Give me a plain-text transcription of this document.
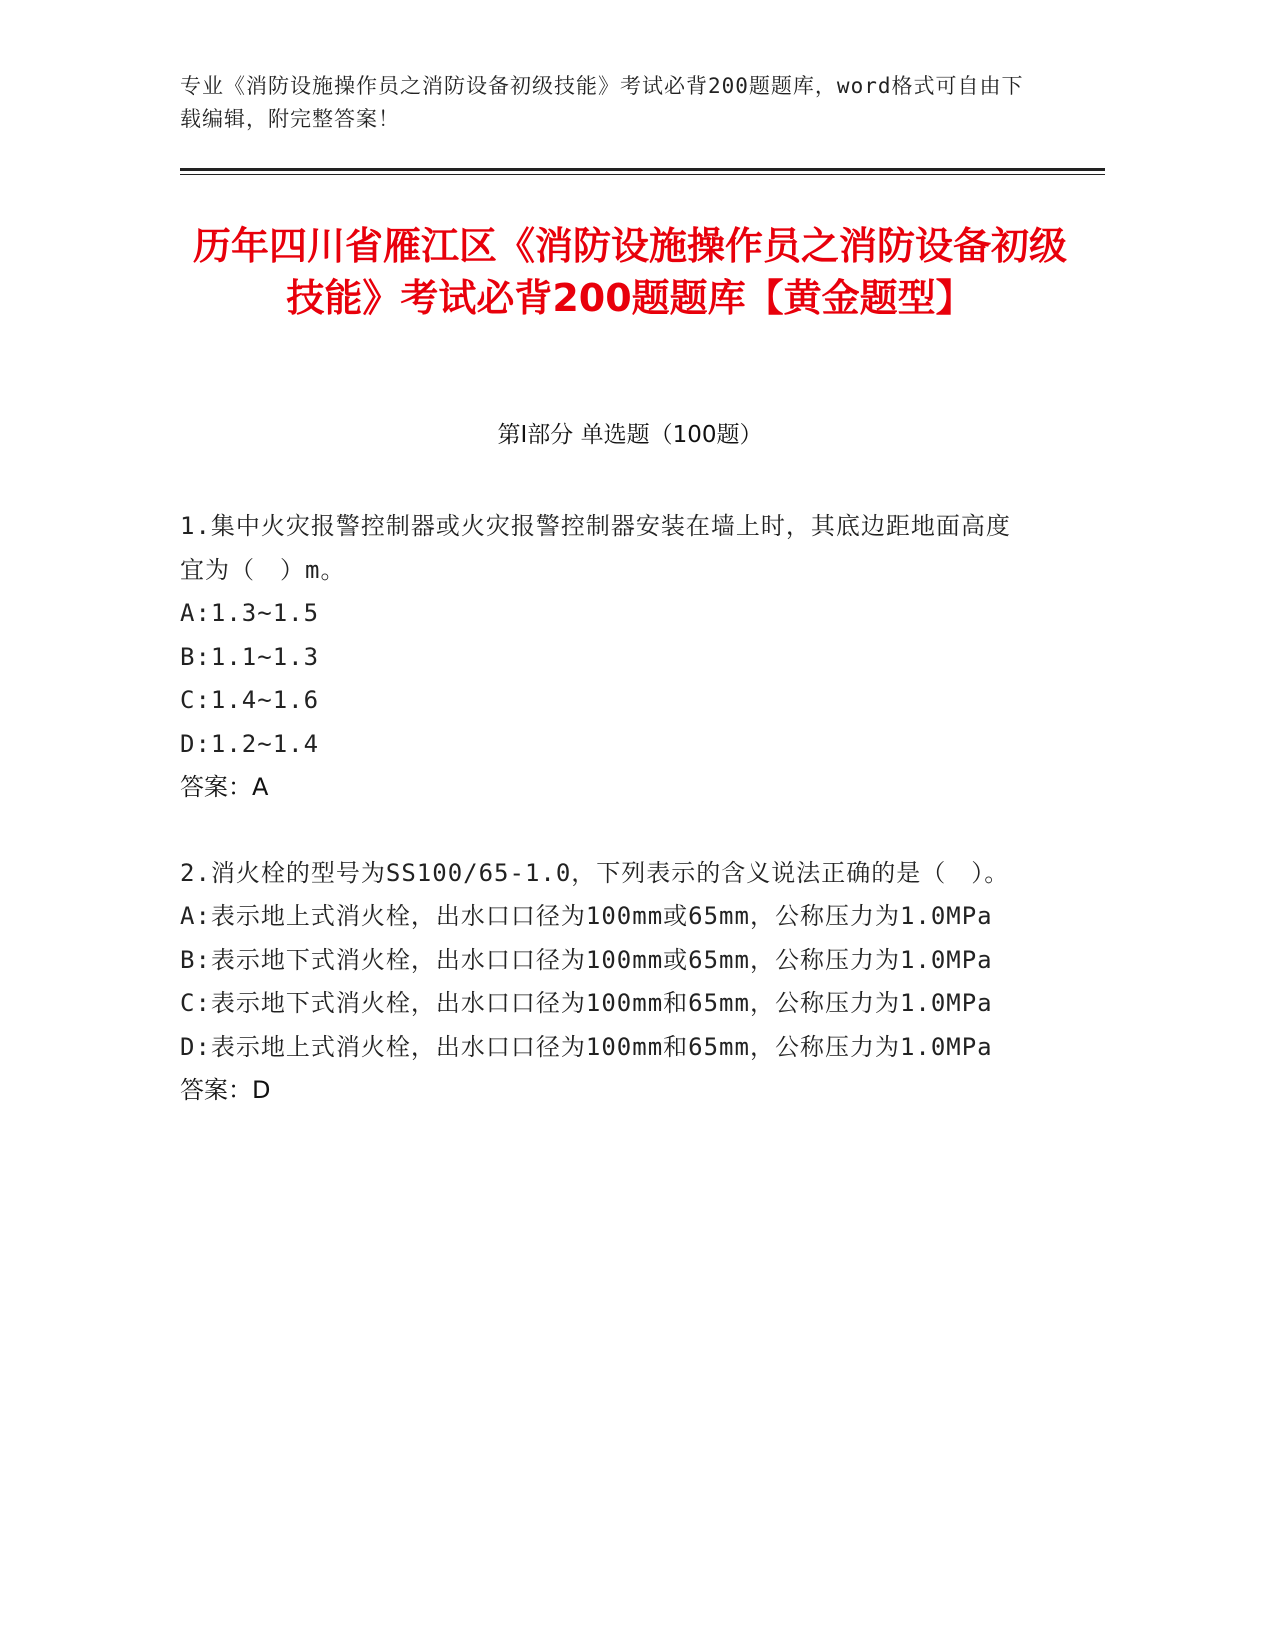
专业《消防设施操作员之消防设备初级技能》考试必背200题题库，word格式可自由下载编辑，附完整答案！
历年四川省雁江区《消防设施操作员之消防设备初级技能》考试必背200题题库【黄金题型】
第I部分 单选题（100题）
1.集中火灾报警控制器或火灾报警控制器安装在墙上时，其底边距地面高度宜为（　）m。
A:1.3~1.5
B:1.1~1.3
C:1.4~1.6
D:1.2~1.4
答案：A
2.消火栓的型号为SS100/65-1.0，下列表示的含义说法正确的是（　）。
A:表示地上式消火栓，出水口口径为100mm或65mm，公称压力为1.0MPa
B:表示地下式消火栓，出水口口径为100mm或65mm，公称压力为1.0MPa
C:表示地下式消火栓，出水口口径为100mm和65mm，公称压力为1.0MPa
D:表示地上式消火栓，出水口口径为100mm和65mm，公称压力为1.0MPa
答案：D
